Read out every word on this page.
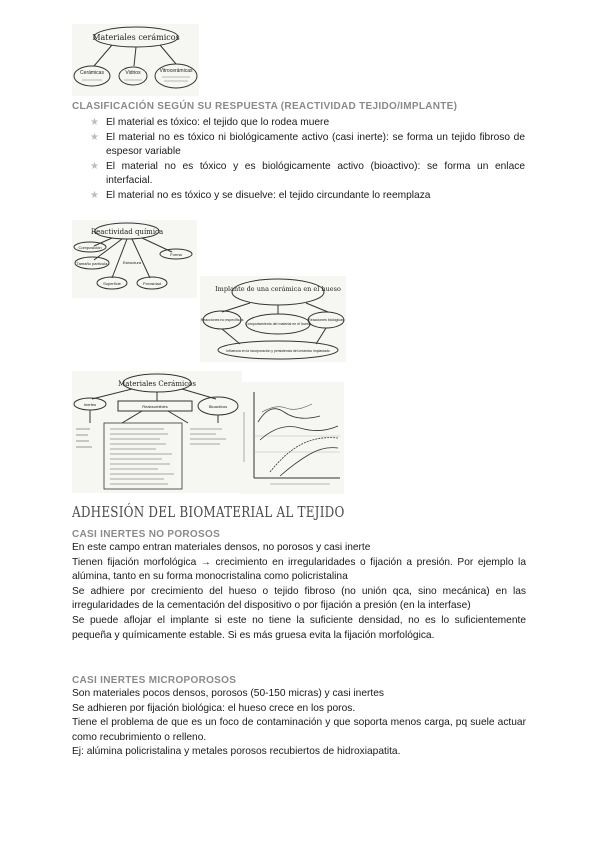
Materiales cerámicos
Cerámicas	Vidrios	Vitrocerámicas
CLASIFICACIÓN SEGÚN SU RESPUESTA (REACTIVIDAD TEJIDO/IMPLANTE)
★ El material es tóxico: el tejido que lo rodea muere
★ El material no es tóxico ni biológicamente activo (casi inerte): se forma un tejido fibroso de espesor variable
★ El material no es tóxico y es biológicamente activo (bioactivo): se forma un enlace interfacial.
★ El material no es tóxico y se disuelve: el tejido circundante lo reemplaza
Reactividad química
Composición
Forma
Tamaño partícula
Superficie	Porosidad
Estructura
Implante de una cerámica en el hueso
Reacciones no específicas
Comportamiento del material en el hueso
Reacciones biológicas
Influencia en la incorporación y persistencia del cerámico implantado
Materiales Cerámicos
Inertes	Reabsorbibles	Bioactivos
ADHESIÓN DEL BIOMATERIAL AL TEJIDO
CASI INERTES NO POROSOS

En este campo entran materiales densos, no porosos y casi inerte

Tienen fijación morfológica → crecimiento en irregularidades o fijación a presión. Por ejemplo la alúmina, tanto en su forma monocristalina como policristalina

Se adhiere por crecimiento del hueso o tejido fibroso (no unión qca, sino mecánica) en las irregularidades de la cementación del dispositivo o por fijación a presión (en la interfase)

Se puede aflojar el implante si este no tiene la suficiente densidad, no es lo suficientemente pequeña y químicamente estable. Si es más gruesa evita la fijación morfológica.

CASI INERTES MICROPOROSOS

Son materiales pocos densos, porosos (50-150 micras) y casi inertes

Se adhieren por fijación biológica: el hueso crece en los poros.

Tiene el problema de que es un foco de contaminación y que soporta menos carga, pq suele actuar como recubrimiento o relleno.

Ej: alúmina policristalina y metales porosos recubiertos de hidroxiapatita.
